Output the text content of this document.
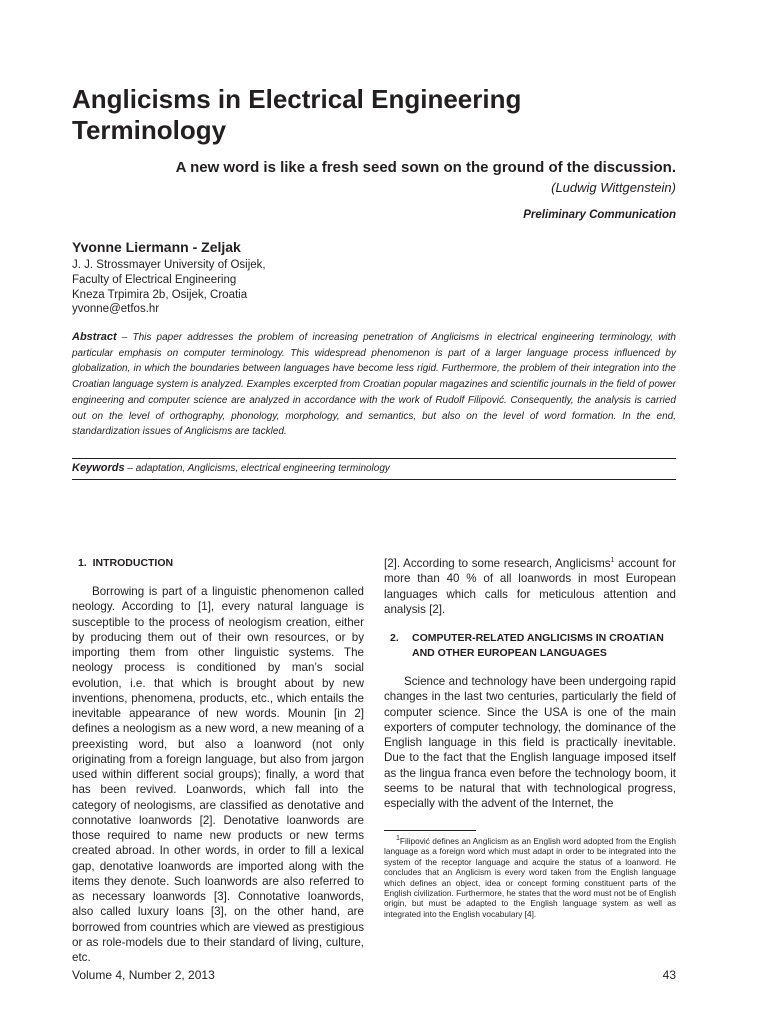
Anglicisms in Electrical Engineering Terminology
A new word is like a fresh seed sown on the ground of the discussion.
(Ludwig Wittgenstein)
Preliminary Communication
Yvonne Liermann - Zeljak
J. J. Strossmayer University of Osijek,
Faculty of Electrical Engineering
Kneza Trpimira 2b, Osijek, Croatia
yvonne@etfos.hr
Abstract – This paper addresses the problem of increasing penetration of Anglicisms in electrical engineering terminology, with particular emphasis on computer terminology. This widespread phenomenon is part of a larger language process influenced by globalization, in which the boundaries between languages have become less rigid. Furthermore, the problem of their integration into the Croatian language system is analyzed. Examples excerpted from Croatian popular magazines and scientific journals in the field of power engineering and computer science are analyzed in accordance with the work of Rudolf Filipović. Consequently, the analysis is carried out on the level of orthography, phonology, morphology, and semantics, but also on the level of word formation. In the end, standardization issues of Anglicisms are tackled.
Keywords – adaptation, Anglicisms, electrical engineering terminology
1. INTRODUCTION

Borrowing is part of a linguistic phenomenon called neology. According to [1], every natural language is susceptible to the process of neologism creation, either by producing them out of their own resources, or by importing them from other linguistic systems. The neology process is conditioned by man’s social evolution, i.e. that which is brought about by new inventions, phenomena, products, etc., which entails the inevitable appearance of new words. Mounin [in 2] defines a neologism as a new word, a new meaning of a preexisting word, but also a loanword (not only originating from a foreign language, but also from jargon used within different social groups); finally, a word that has been revived. Loanwords, which fall into the category of neologisms, are classified as denotative and connotative loanwords [2]. Denotative loanwords are those required to name new products or new terms created abroad. In other words, in order to fill a lexical gap, denotative loanwords are imported along with the items they denote. Such loanwords are also referred to as necessary loanwords [3]. Connotative loanwords, also called luxury loans [3], on the other hand, are borrowed from countries which are viewed as prestigious or as role-models due to their standard of living, culture, etc.

[2]. According to some research, Anglicisms$^1$ account for more than 40 % of all loanwords in most European languages which calls for meticulous attention and analysis [2].

2.	COMPUTER-RELATED ANGLICISMS IN CROATIAN AND OTHER EUROPEAN LANGUAGES

Science and technology have been undergoing rapid changes in the last two centuries, particularly the field of computer science. Since the USA is one of the main exporters of computer technology, the dominance of the English language in this field is practically inevitable. Due to the fact that the English language imposed itself as the lingua franca even before the technology boom, it seems to be natural that with technological progress, especially with the advent of the Internet, the

$^1$Filipović defines an Anglicism as an English word adopted from the English language as a foreign word which must adapt in order to be integrated into the system of the receptor language and acquire the status of a loanword. He concludes that an Anglicism is every word taken from the English language which defines an object, idea or concept forming constituent parts of the English civilization. Furthermore, he states that the word must not be of English origin, but must be adapted to the English language system as well as integrated into the English vocabulary [4].
Volume 4, Number 2, 2013	43
